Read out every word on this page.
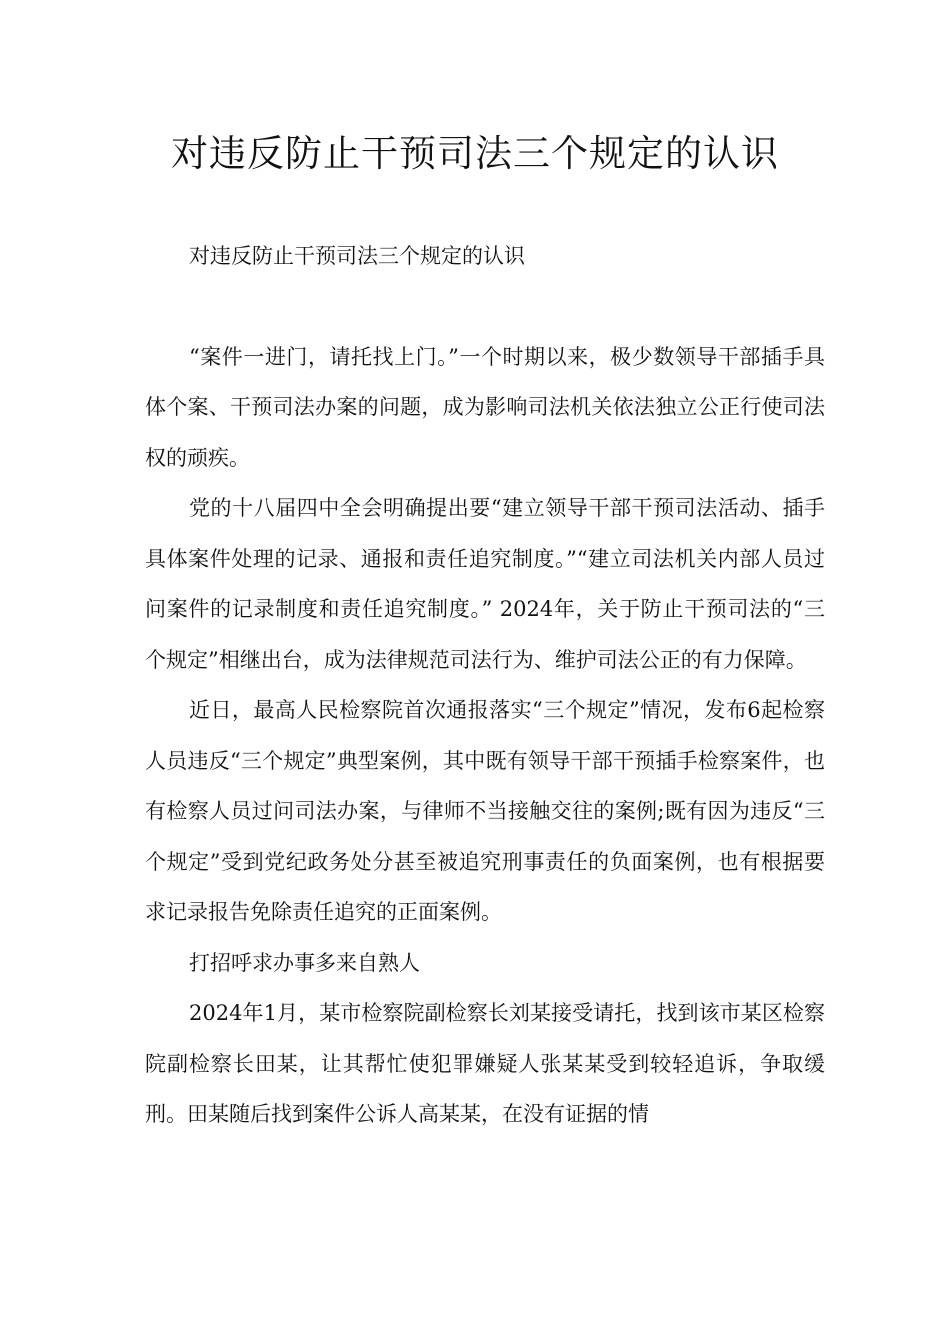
对违反防止干预司法三个规定的认识

对违反防止干预司法三个规定的认识

“案件一进门，请托找上门。”一个时期以来，极少数领导干部插手具体个案、干预司法办案的问题，成为影响司法机关依法独立公正行使司法权的顽疾。

党的十八届四中全会明确提出要“建立领导干部干预司法活动、插手具体案件处理的记录、通报和责任追究制度。”“建立司法机关内部人员过问案件的记录制度和责任追究制度。” 2024年，关于防止干预司法的“三个规定”相继出台，成为法律规范司法行为、维护司法公正的有力保障。

近日，最高人民检察院首次通报落实“三个规定”情况，发布6起检察人员违反“三个规定”典型案例，其中既有领导干部干预插手检察案件，也有检察人员过问司法办案，与律师不当接触交往的案例;既有因为违反“三个规定”受到党纪政务处分甚至被追究刑事责任的负面案例，也有根据要求记录报告免除责任追究的正面案例。

打招呼求办事多来自熟人

2024年1月，某市检察院副检察长刘某接受请托，找到该市某区检察院副检察长田某，让其帮忙使犯罪嫌疑人张某某受到较轻追诉，争取缓刑。田某随后找到案件公诉人高某某，在没有证据的情
